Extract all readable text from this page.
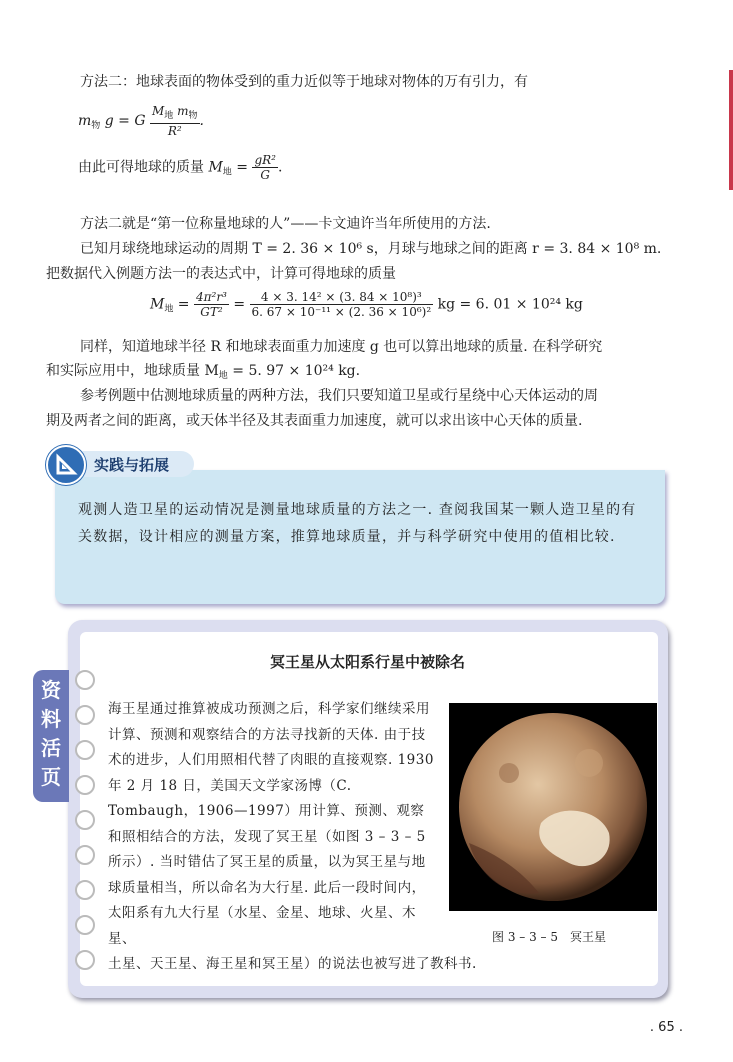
方法二：地球表面的物体受到的重力近似等于地球对物体的万有引力，有
$m_物$ g = G $\frac{M_地 m_物}{\text{R²}}$ .
由此可得地球的质量 $M_地 = \frac{\text{gR²}}{G}$ .
方法二就是“第一位称量地球的人”——卡文迪许当年所使用的方法.
已知月球绕地球运动的周期 T = 2. 36 × 10⁶ s，月球与地球之间的距离 r = 3. 84 × 10⁸ m.
把数据代入例题方法一的表达式中，计算可得地球的质量
$M_地 = \frac{\text{4π²r³}}{\text{GT²}} = \frac{\text{4 × 3. 14² × (3. 84 × 10⁸)³}}{\text{6. 67 × 10⁻¹¹ × (2. 36 × 10⁶)²}}$ kg = 6. 01 × 10²⁴ kg
同样，知道地球半径 R 和地球表面重力加速度 g 也可以算出地球的质量. 在科学研究
和实际应用中，地球质量 $M_地 = 5$. 97 × 10²⁴ kg.
参考例题中估测地球质量的两种方法，我们只要知道卫星或行星绕中心天体运动的周
期及两者之间的距离，或天体半径及其表面重力加速度，就可以求出该中心天体的质量.
实践与拓展
观测人造卫星的运动情况是测量地球质量的方法之一. 查阅我国某一颗人造卫星的有关数据，设计相应的测量方案，推算地球质量，并与科学研究中使用的值相比较.
资料活页
冥王星从太阳系行星中被除名
海王星通过推算被成功预测之后，科学家们继续采用计算、预测和观察结合的方法寻找新的天体. 由于技术的进步，人们用照相代替了肉眼的直接观察. 1930 年 2 月 18 日，美国天文学家汤博（C. Tombaugh，1906—1997）用计算、预测、观察和照相结合的方法，发现了冥王星（如图 3 – 3 – 5 所示）. 当时错估了冥王星的质量，以为冥王星与地球质量相当，所以命名为大行星. 此后一段时间内，太阳系有九大行星（水星、金星、地球、火星、木星、
土星、天王星、海王星和冥王星）的说法也被写进了教科书.
图 3 – 3 – 5　冥王星
. 65 .
